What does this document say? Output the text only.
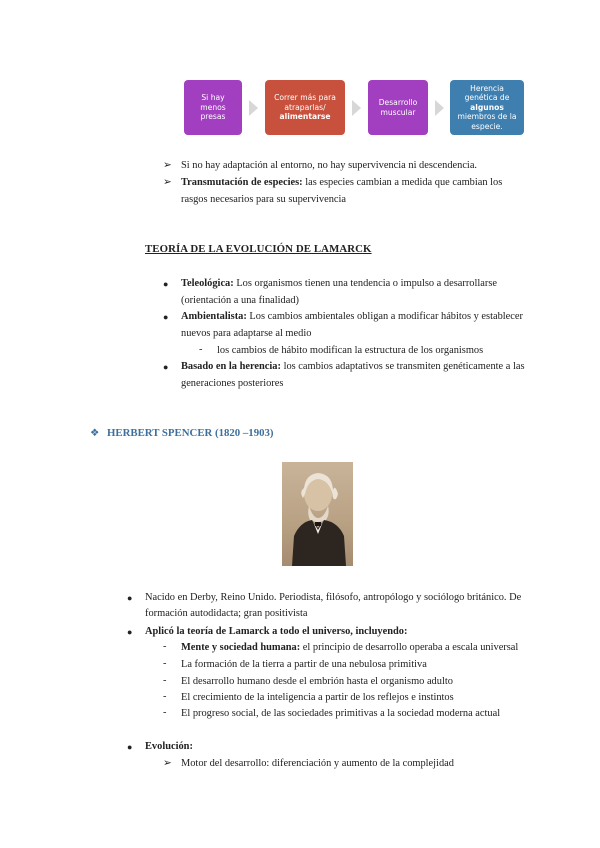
Si hay menos presas
Correr más para atraparlas/
alimentarse
Desarrollo muscular
Herencia genética de
algunos
miembros de la especie.
➢ Si no hay adaptación al entorno, no hay supervivencia ni descendencia.
➢ Transmutación de especies: las especies cambian a medida que cambian los
rasgos necesarios para su supervivencia
TEORÍA DE LA EVOLUCIÓN DE LAMARCK
● Teleológica: Los organismos tienen una tendencia o impulso a desarrollarse
(orientación a una finalidad)
● Ambientalista: Los cambios ambientales obligan a modificar hábitos y establecer
nuevos para adaptarse al medio
- los cambios de hábito modifican la estructura de los organismos
● Basado en la herencia: los cambios adaptativos se transmiten genéticamente a las
generaciones posteriores
❖ HERBERT SPENCER (1820 –1903)
● Nacido en Derby, Reino Unido. Periodista, filósofo, antropólogo y sociólogo británico. De
formación autodidacta; gran positivista
● Aplicó la teoría de Lamarck a todo el universo, incluyendo:
- Mente y sociedad humana: el principio de desarrollo operaba a escala universal
- La formación de la tierra a partir de una nebulosa primitiva
- El desarrollo humano desde el embrión hasta el organismo adulto
- El crecimiento de la inteligencia a partir de los reflejos e instintos
- El progreso social, de las sociedades primitivas a la sociedad moderna actual
● Evolución:
➢ Motor del desarrollo: diferenciación y aumento de la complejidad
